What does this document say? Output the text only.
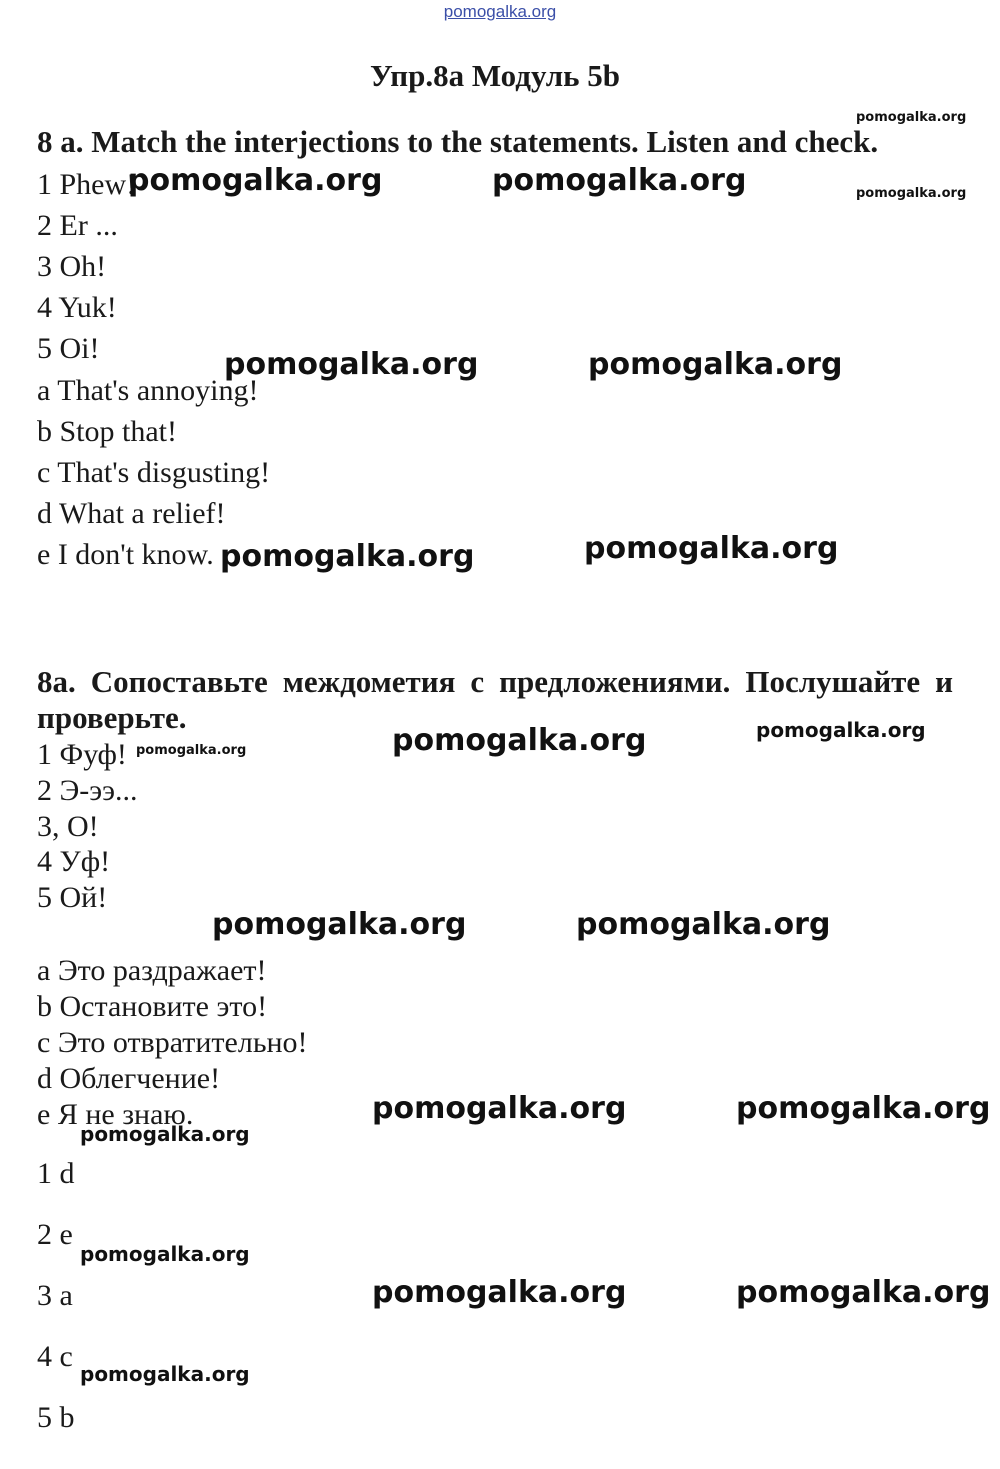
pomogalka.org
Упр.8а Модуль 5b
8 a. Match the interjections to the statements. Listen and check.
1 Phew!
2 Er ...
3 Oh!
4 Yuk!
5 Oi!
a That's annoying!
b Stop that!
c That's disgusting!
d What a relief!
e I don't know.
8а. Сопоставьте междометия с предложениями. Послушайте и проверьте.
1 Фуф!
2 Э-ээ...
3, О!
4 Уф!
5 Ой!
a Это раздражает!
b Остановите это!
c Это отвратительно!
d Облегчение!
e Я не знаю.
1 d
2 e
3 a
4 c
5 b
pomogalka.org
pomogalka.org	pomogalka.org	pomogalka.org
pomogalka.org	pomogalka.org
pomogalka.org	pomogalka.org
pomogalka.org
pomogalka.org
pomogalka.org
pomogalka.org	pomogalka.org
pomogalka.org	pomogalka.org
pomogalka.org
pomogalka.org
pomogalka.org	pomogalka.org
pomogalka.org
